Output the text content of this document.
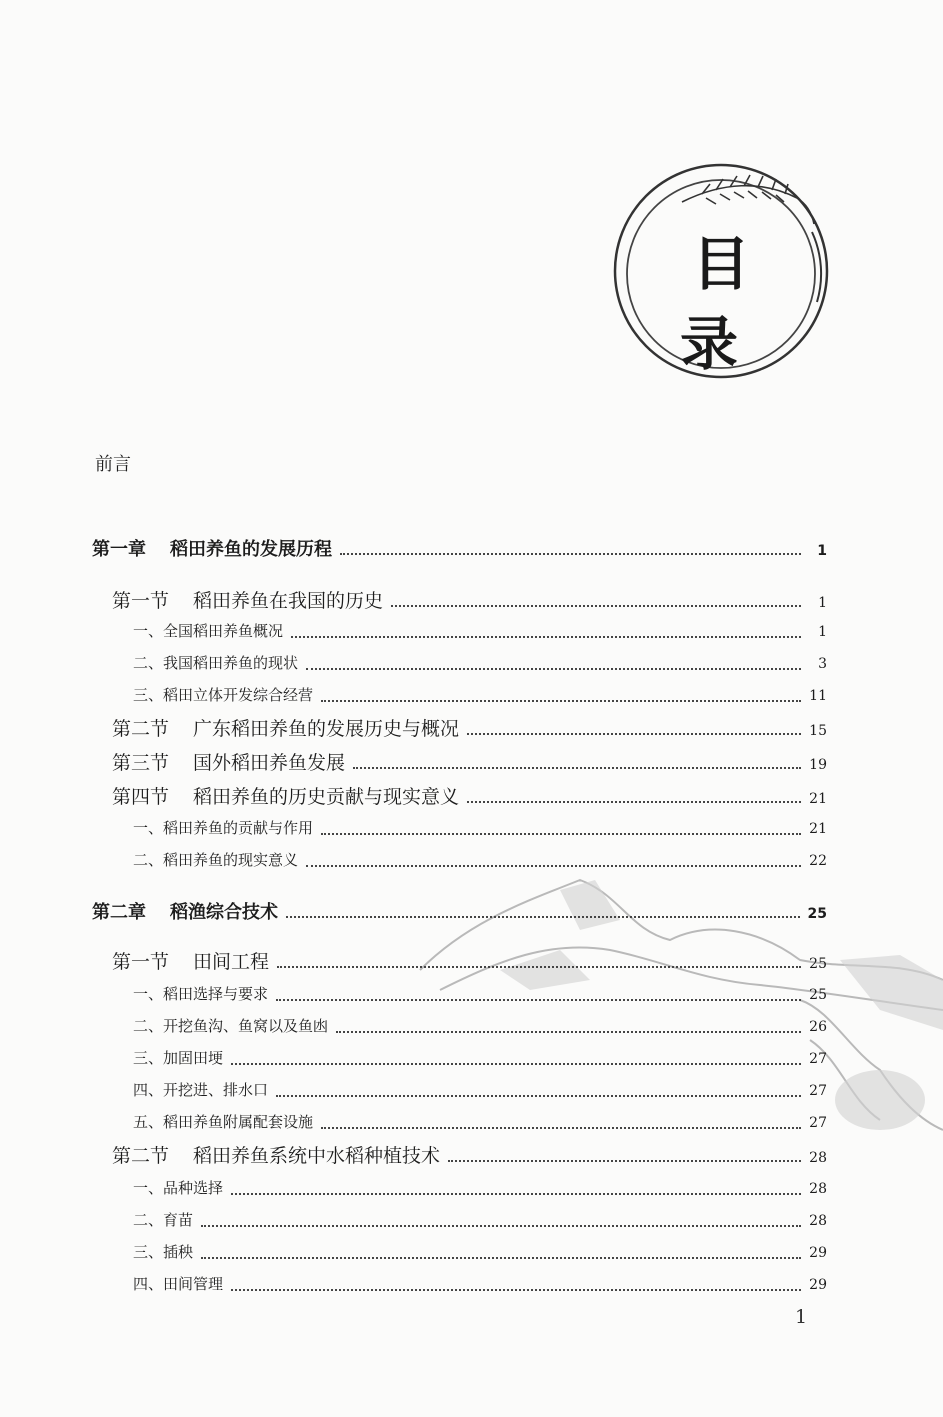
目 录
前言
第一章 稻田养鱼的发展历程	1
第一节 稻田养鱼在我国的历史	1
一、全国稻田养鱼概况	1
二、我国稻田养鱼的现状	3
三、稻田立体开发综合经营	11
第二节 广东稻田养鱼的发展历史与概况	15
第三节 国外稻田养鱼发展	19
第四节 稻田养鱼的历史贡献与现实意义	21
一、稻田养鱼的贡献与作用	21
二、稻田养鱼的现实意义	22
第二章 稻渔综合技术	25
第一节 田间工程	25
一、稻田选择与要求	25
二、开挖鱼沟、鱼窝以及鱼凼	26
三、加固田埂	27
四、开挖进、排水口	27
五、稻田养鱼附属配套设施	27
第二节 稻田养鱼系统中水稻种植技术	28
一、品种选择	28
二、育苗	28
三、插秧	29
四、田间管理	29
1
